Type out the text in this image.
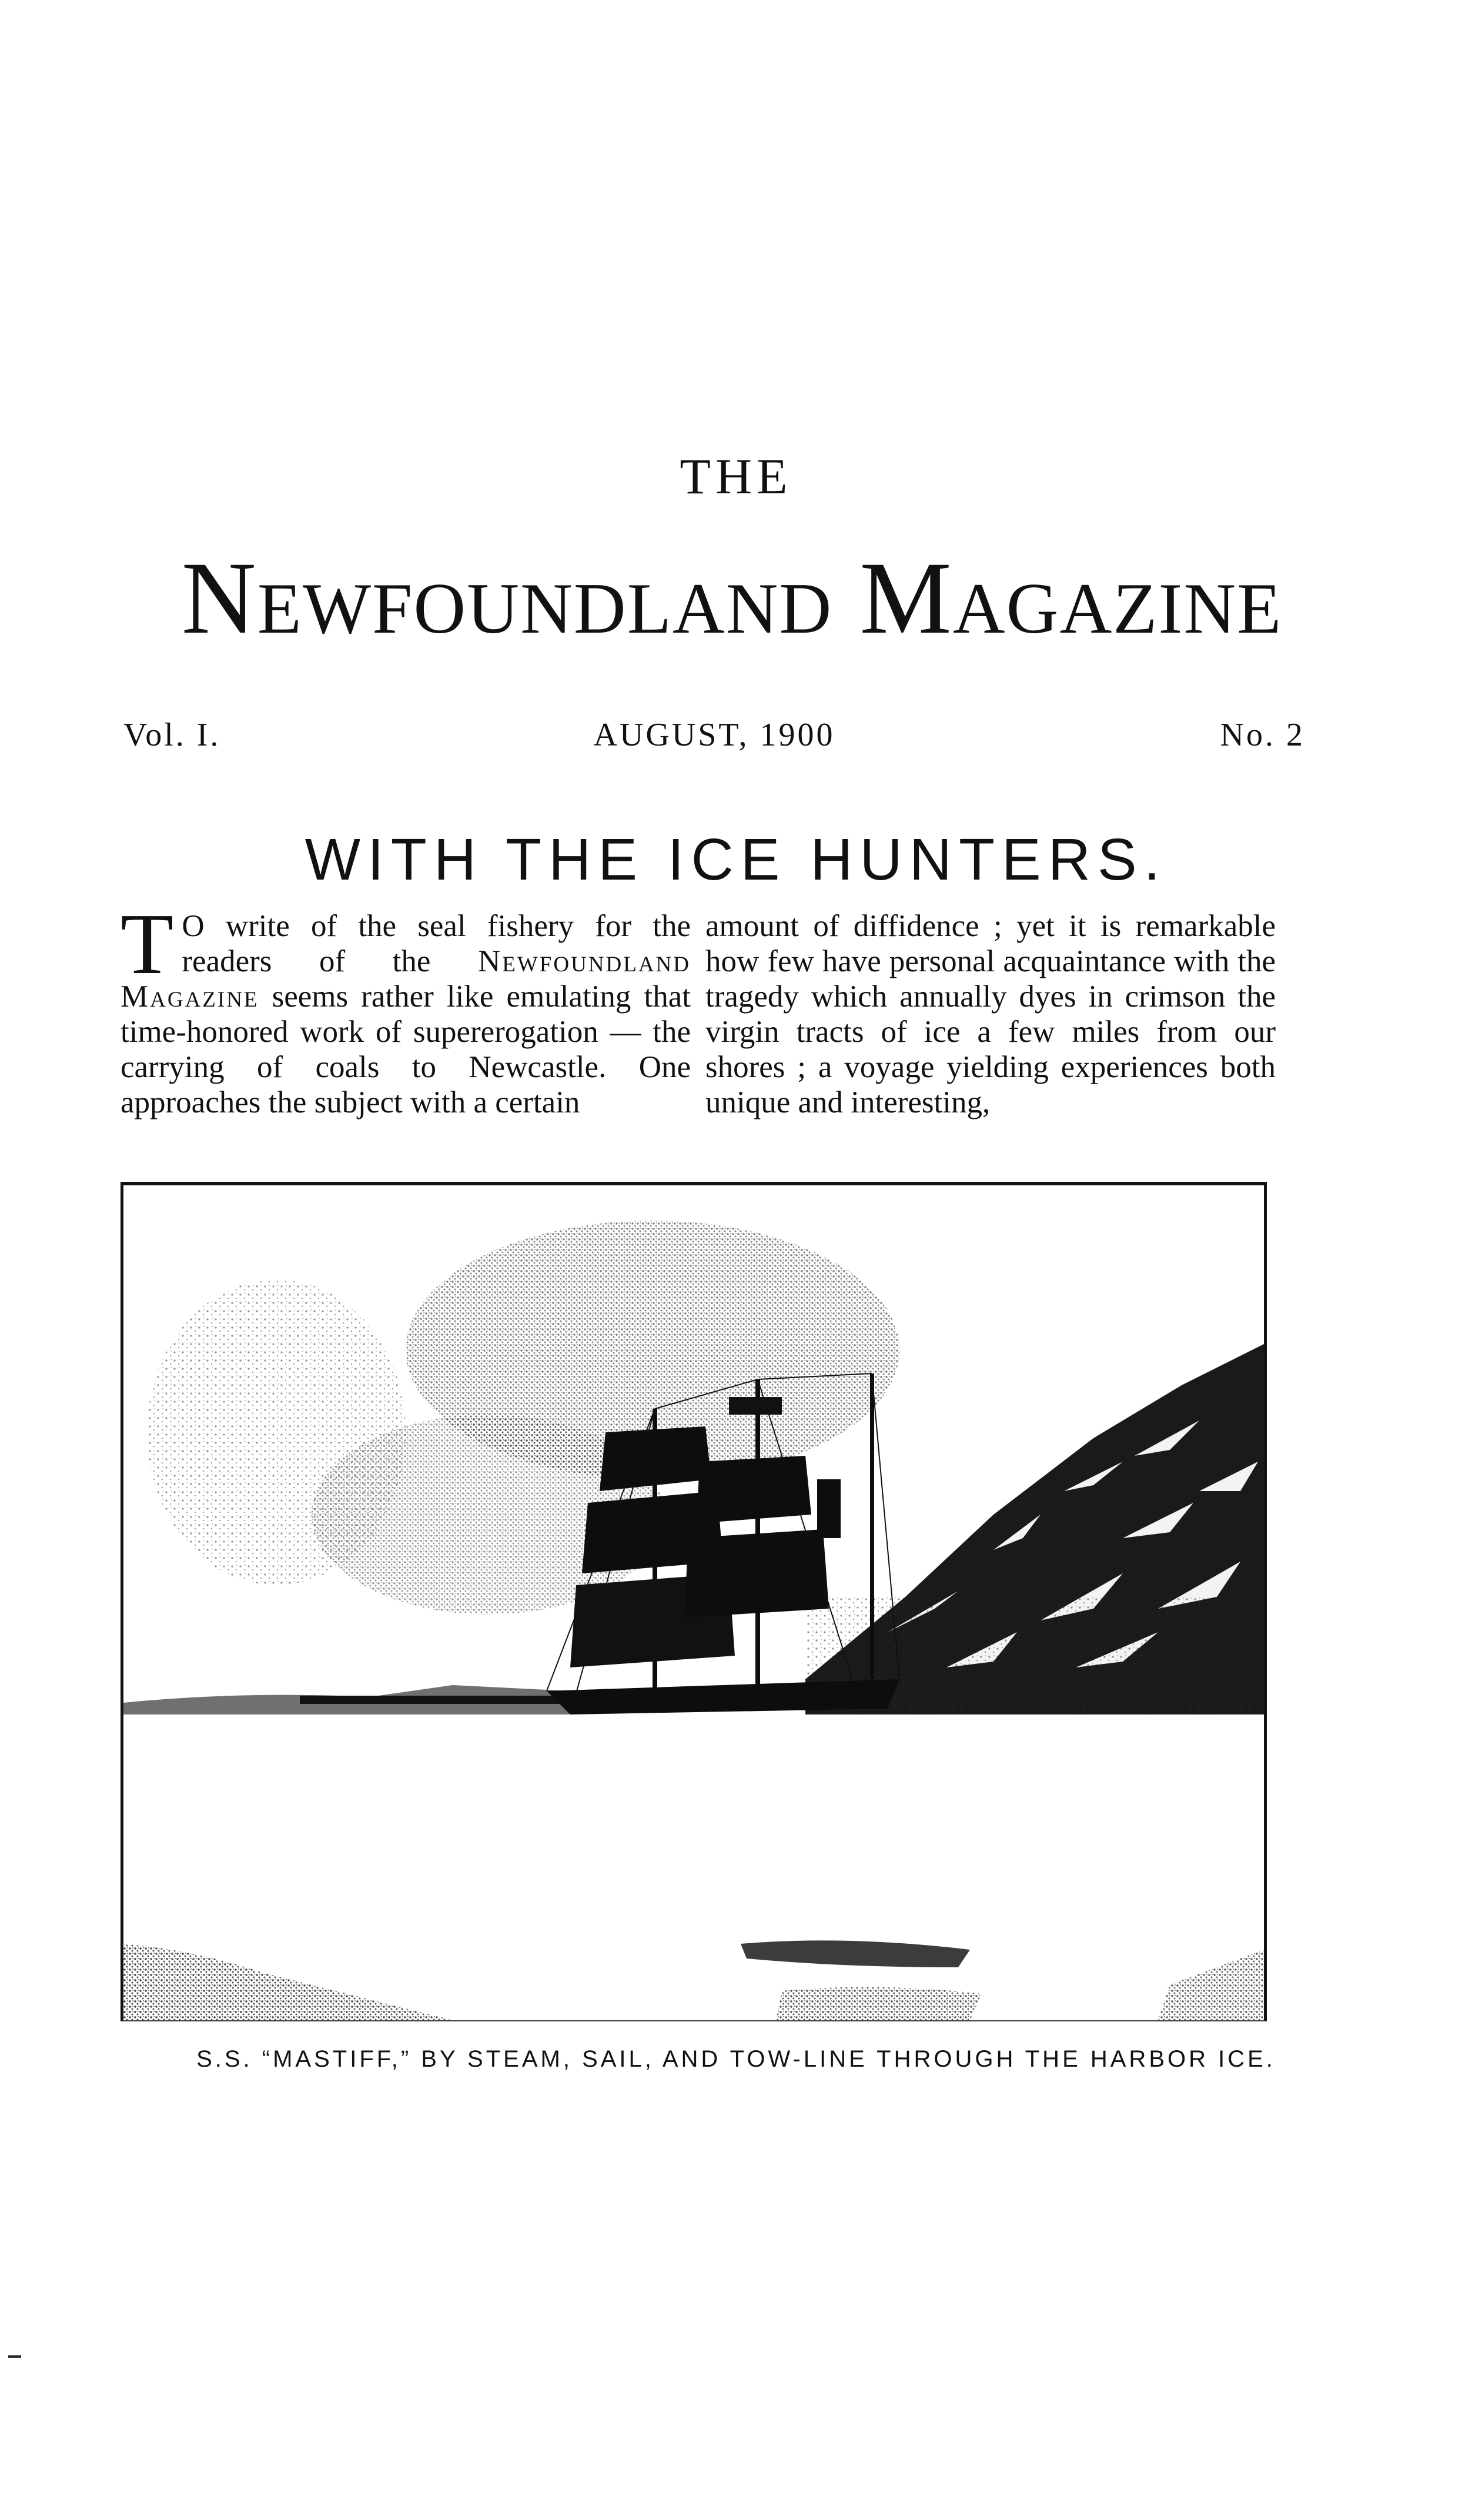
THE
Newfoundland Magazine
Vol. I.	AUGUST, 1900	No. 2
WITH THE ICE HUNTERS.

T O write of the seal fishery for the readers of the Newfoundland Magazine seems rather like emulating that time-honored work of supererogation — the carrying of coals to Newcastle. One approaches the subject with a certain

amount of diffidence ; yet it is remarkable how few have personal acquaintance with the tragedy which annually dyes in crimson the virgin tracts of ice a few miles from our shores ; a voyage yielding experiences both unique and interesting,

S.S. “MASTIFF,” BY STEAM, SAIL, AND TOW-LINE THROUGH THE HARBOR ICE.
